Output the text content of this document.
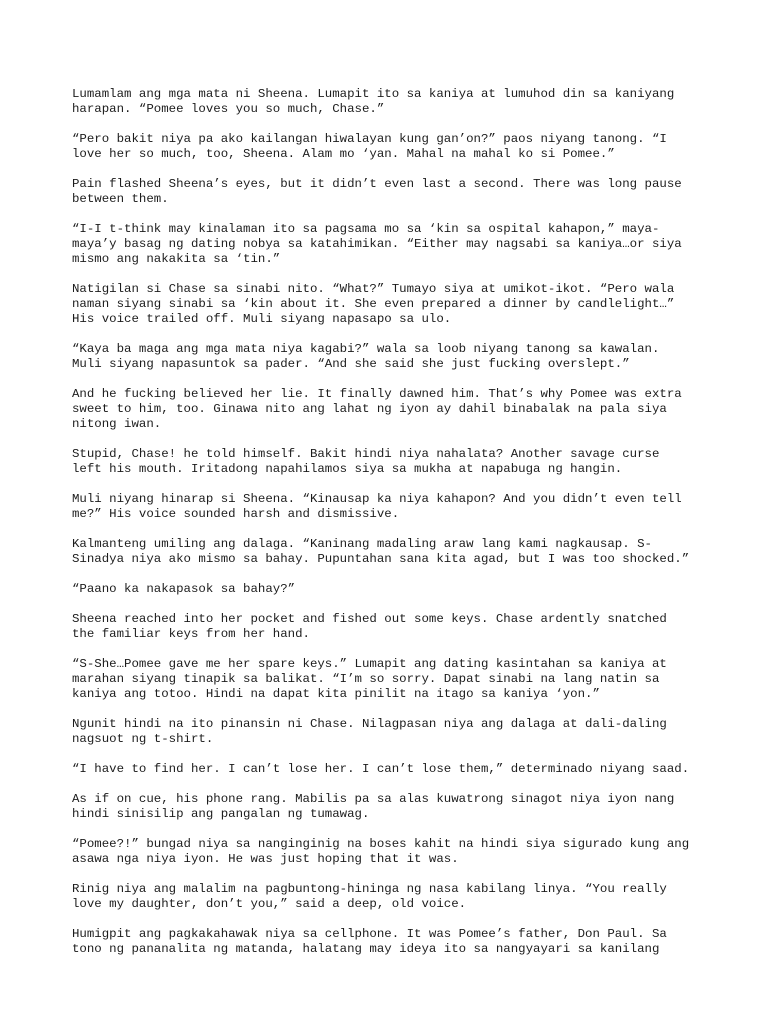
Lumamlam ang mga mata ni Sheena. Lumapit ito sa kaniya at lumuhod din sa kaniyang
harapan. “Pomee loves you so much, Chase.”

“Pero bakit niya pa ako kailangan hiwalayan kung gan’on?” paos niyang tanong. “I
love her so much, too, Sheena. Alam mo ‘yan. Mahal na mahal ko si Pomee.”

Pain flashed Sheena’s eyes, but it didn’t even last a second. There was long pause
between them.

“I-I t-think may kinalaman ito sa pagsama mo sa ‘kin sa ospital kahapon,” maya-
maya’y basag ng dating nobya sa katahimikan. “Either may nagsabi sa kaniya…or siya
mismo ang nakakita sa ‘tin.”

Natigilan si Chase sa sinabi nito. “What?” Tumayo siya at umikot-ikot. “Pero wala
naman siyang sinabi sa ‘kin about it. She even prepared a dinner by candlelight…”
His voice trailed off. Muli siyang napasapo sa ulo.

“Kaya ba maga ang mga mata niya kagabi?” wala sa loob niyang tanong sa kawalan.
Muli siyang napasuntok sa pader. “And she said she just fucking overslept.”

And he fucking believed her lie. It finally dawned him. That’s why Pomee was extra
sweet to him, too. Ginawa nito ang lahat ng iyon ay dahil binabalak na pala siya
nitong iwan.

Stupid, Chase! he told himself. Bakit hindi niya nahalata? Another savage curse
left his mouth. Iritadong napahilamos siya sa mukha at napabuga ng hangin.

Muli niyang hinarap si Sheena. “Kinausap ka niya kahapon? And you didn’t even tell
me?” His voice sounded harsh and dismissive.

Kalmanteng umiling ang dalaga. “Kaninang madaling araw lang kami nagkausap. S-
Sinadya niya ako mismo sa bahay. Pupuntahan sana kita agad, but I was too shocked.”

“Paano ka nakapasok sa bahay?”

Sheena reached into her pocket and fished out some keys. Chase ardently snatched
the familiar keys from her hand.

“S-She…Pomee gave me her spare keys.” Lumapit ang dating kasintahan sa kaniya at
marahan siyang tinapik sa balikat. “I’m so sorry. Dapat sinabi na lang natin sa
kaniya ang totoo. Hindi na dapat kita pinilit na itago sa kaniya ‘yon.”

Ngunit hindi na ito pinansin ni Chase. Nilagpasan niya ang dalaga at dali-daling
nagsuot ng t-shirt.

“I have to find her. I can’t lose her. I can’t lose them,” determinado niyang saad.

As if on cue, his phone rang. Mabilis pa sa alas kuwatrong sinagot niya iyon nang
hindi sinisilip ang pangalan ng tumawag.

“Pomee?!” bungad niya sa nanginginig na boses kahit na hindi siya sigurado kung ang
asawa nga niya iyon. He was just hoping that it was.

Rinig niya ang malalim na pagbuntong-hininga ng nasa kabilang linya. “You really
love my daughter, don’t you,” said a deep, old voice.

Humigpit ang pagkakahawak niya sa cellphone. It was Pomee’s father, Don Paul. Sa
tono ng pananalita ng matanda, halatang may ideya ito sa nangyayari sa kanilang
